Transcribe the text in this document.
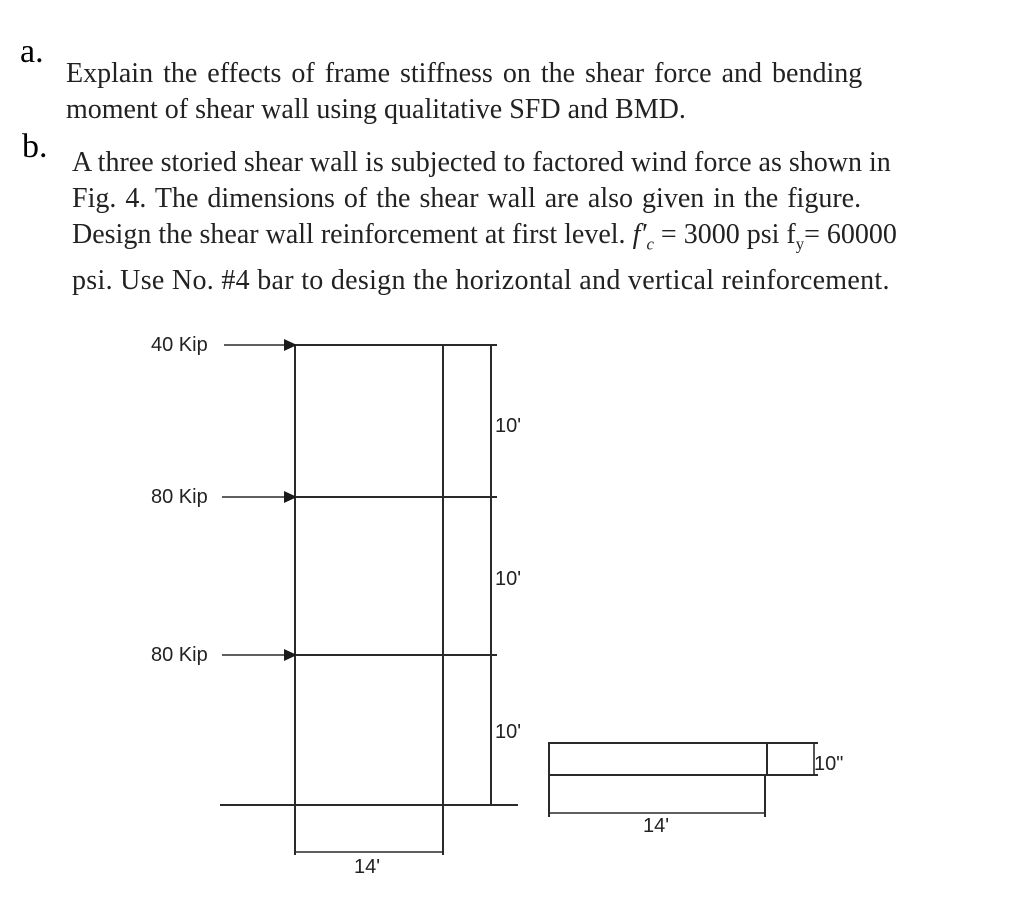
a.
Explain the effects of frame stiffness on the shear force and bending
moment of shear wall using qualitative SFD and BMD.
b. A three storied shear wall is subjected to factored wind force as shown in
Fig. 4. The dimensions of the shear wall are also given in the figure.
Design the shear wall reinforcement at first level. $f'_c = 3000$ psi $f_y= 60000$
psi. Use No. #4 bar to design the horizontal and vertical reinforcement.
40 Kip
80 Kip
80 Kip
10'
10'
10'
14'
10"
14'
